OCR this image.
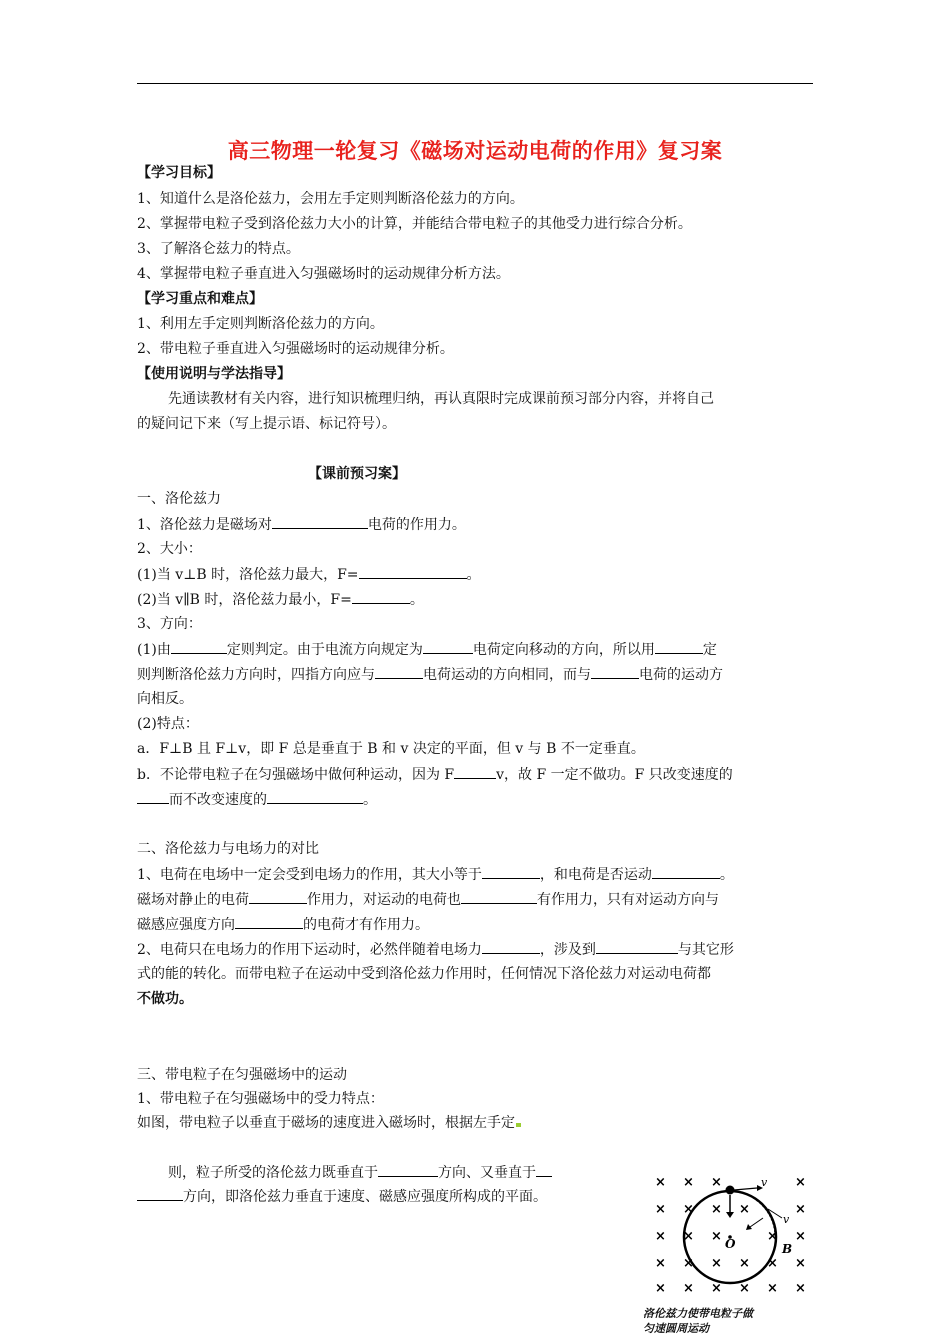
高三物理一轮复习《磁场对运动电荷的作用》复习案
【学习目标】
1、知道什么是洛伦兹力，会用左手定则判断洛伦兹力的方向。
2、掌握带电粒子受到洛伦兹力大小的计算，并能结合带电粒子的其他受力进行综合分析。
3、了解洛仑兹力的特点。
4、掌握带电粒子垂直进入匀强磁场时的运动规律分析方法。
【学习重点和难点】
1、利用左手定则判断洛伦兹力的方向。
2、带电粒子垂直进入匀强磁场时的运动规律分析。
【使用说明与学法指导】
先通读教材有关内容，进行知识梳理归纳，再认真限时完成课前预习部分内容，并将自己
的疑问记下来（写上提示语、标记符号）。
【课前预习案】
一、洛伦兹力
1、洛伦兹力是磁场对	电荷的作用力。
2、大小：
(1)当 v⊥B 时，洛伦兹力最大，F=	。
(2)当 v∥B 时，洛伦兹力最小，F=	。
3、方向：
(1)由	定则判定。由于电流方向规定为	电荷定向移动的方向，所以用	定
则判断洛伦兹力方向时，四指方向应与	电荷运动的方向相同，而与	电荷的运动方
向相反。
(2)特点：
a．F⊥B 且 F⊥v，即 F 总是垂直于 B 和 v 决定的平面，但 v 与 B 不一定垂直。
b．不论带电粒子在匀强磁场中做何种运动，因为 F	v，故 F 一定不做功。F 只改变速度的
而不改变速度的	。
二、洛伦兹力与电场力的对比
1、电荷在电场中一定会受到电场力的作用，其大小等于	，和电荷是否运动	。
磁场对静止的电荷	作用力，对运动的电荷也	有作用力，只有对运动方向与
磁感应强度方向	的电荷才有作用力。
2、电荷只在电场力的作用下运动时，必然伴随着电场力	，涉及到	与其它形
式的能的转化。而带电粒子在运动中受到洛伦兹力作用时，任何情况下洛伦兹力对运动电荷都
不做功。
三、带电粒子在匀强磁场中的运动
1、带电粒子在匀强磁场中的受力特点：
如图，带电粒子以垂直于磁场的速度进入磁场时，根据左手定
则，粒子所受的洛伦兹力既垂直于	方向、又垂直于
方向，即洛伦兹力垂直于速度、磁感应强度所构成的平面。
× × ×	×
× × × ×	×
× × ×	× ×
× × × × × ×
× × × × × ×
v
v
B
O
洛伦兹力使带电粒子做
匀速圆周运动
